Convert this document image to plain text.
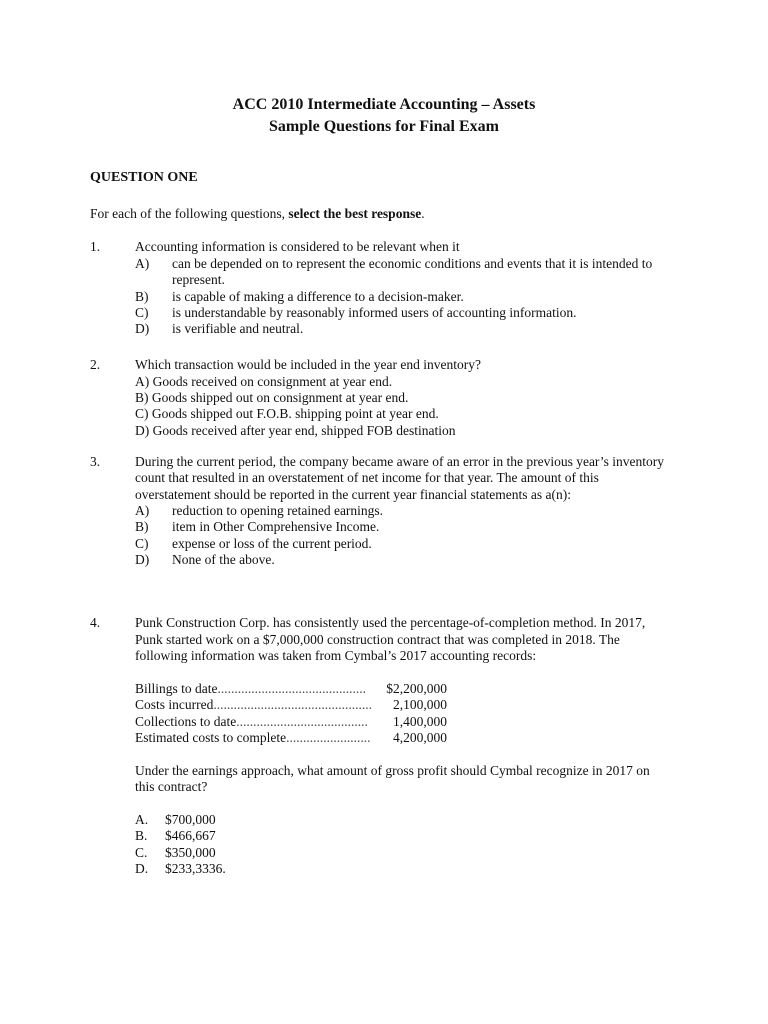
ACC 2010 Intermediate Accounting – Assets
Sample Questions for Final Exam
QUESTION ONE
For each of the following questions, select the best response.
1.	Accounting information is considered to be relevant when it
A) can be depended on to represent the economic conditions and events that it is intended to
represent.
B) is capable of making a difference to a decision-maker.
C) is understandable by reasonably informed users of accounting information.
D) is verifiable and neutral.
2.	Which transaction would be included in the year end inventory?
A) Goods received on consignment at year end.
B) Goods shipped out on consignment at year end.
C) Goods shipped out F.O.B. shipping point at year end.
D) Goods received after year end, shipped FOB destination
3.	During the current period, the company became aware of an error in the previous year’s inventory
count that resulted in an overstatement of net income for that year. The amount of this
overstatement should be reported in the current year financial statements as a(n):
A) reduction to opening retained earnings.
B) item in Other Comprehensive Income.
C) expense or loss of the current period.
D) None of the above.
4.	Punk Construction Corp. has consistently used the percentage-of-completion method. In 2017,
Punk started work on a $7,000,000 construction contract that was completed in 2018. The
following information was taken from Cymbal’s 2017 accounting records:
Billings to date............................................	$2,200,000
Costs incurred...............................................	2,100,000
Collections to date.......................................	1,400,000
Estimated costs to complete.........................	4,200,000
Under the earnings approach, what amount of gross profit should Cymbal recognize in 2017 on
this contract?
A. $700,000
B. $466,667
C. $350,000
D. $233,3336.
